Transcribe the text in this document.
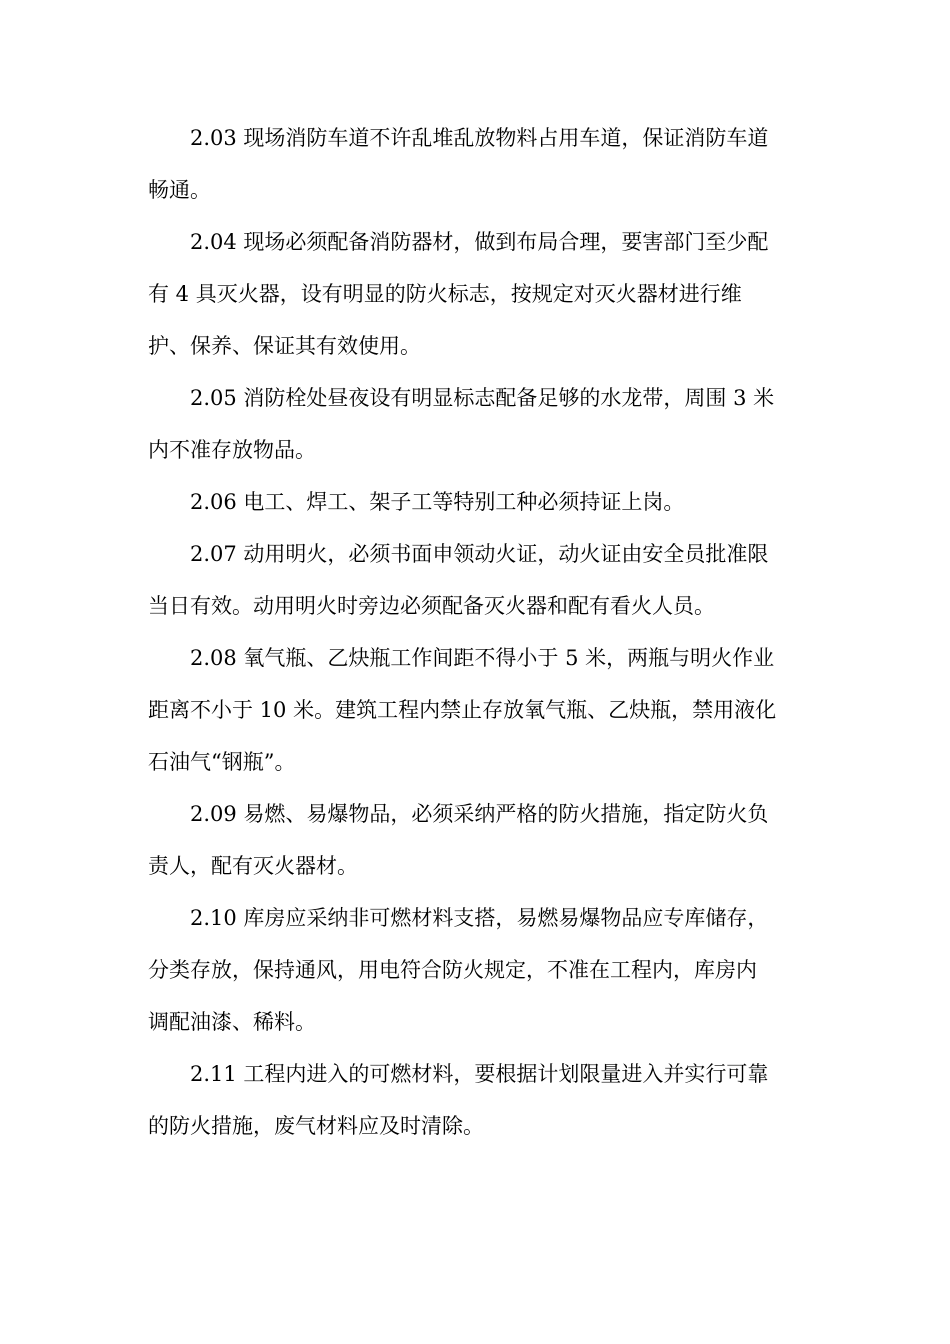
2.03 现场消防车道不许乱堆乱放物料占用车道，保证消防车道
畅通。

2.04 现场必须配备消防器材，做到布局合理，要害部门至少配
有 4 具灭火器，设有明显的防火标志，按规定对灭火器材进行维
护、保养、保证其有效使用。

2.05 消防栓处昼夜设有明显标志配备足够的水龙带，周围 3 米
内不准存放物品。

2.06 电工、焊工、架子工等特别工种必须持证上岗。

2.07 动用明火，必须书面申领动火证，动火证由安全员批准限
当日有效。动用明火时旁边必须配备灭火器和配有看火人员。

2.08 氧气瓶、乙炔瓶工作间距不得小于 5 米，两瓶与明火作业
距离不小于 10 米。建筑工程内禁止存放氧气瓶、乙炔瓶，禁用液化
石油气“钢瓶”。

2.09 易燃、易爆物品，必须采纳严格的防火措施，指定防火负
责人，配有灭火器材。

2.10 库房应采纳非可燃材料支搭，易燃易爆物品应专库储存，
分类存放，保持通风，用电符合防火规定，不准在工程内，库房内
调配油漆、稀料。

2.11 工程内进入的可燃材料，要根据计划限量进入并实行可靠
的防火措施，废气材料应及时清除。
